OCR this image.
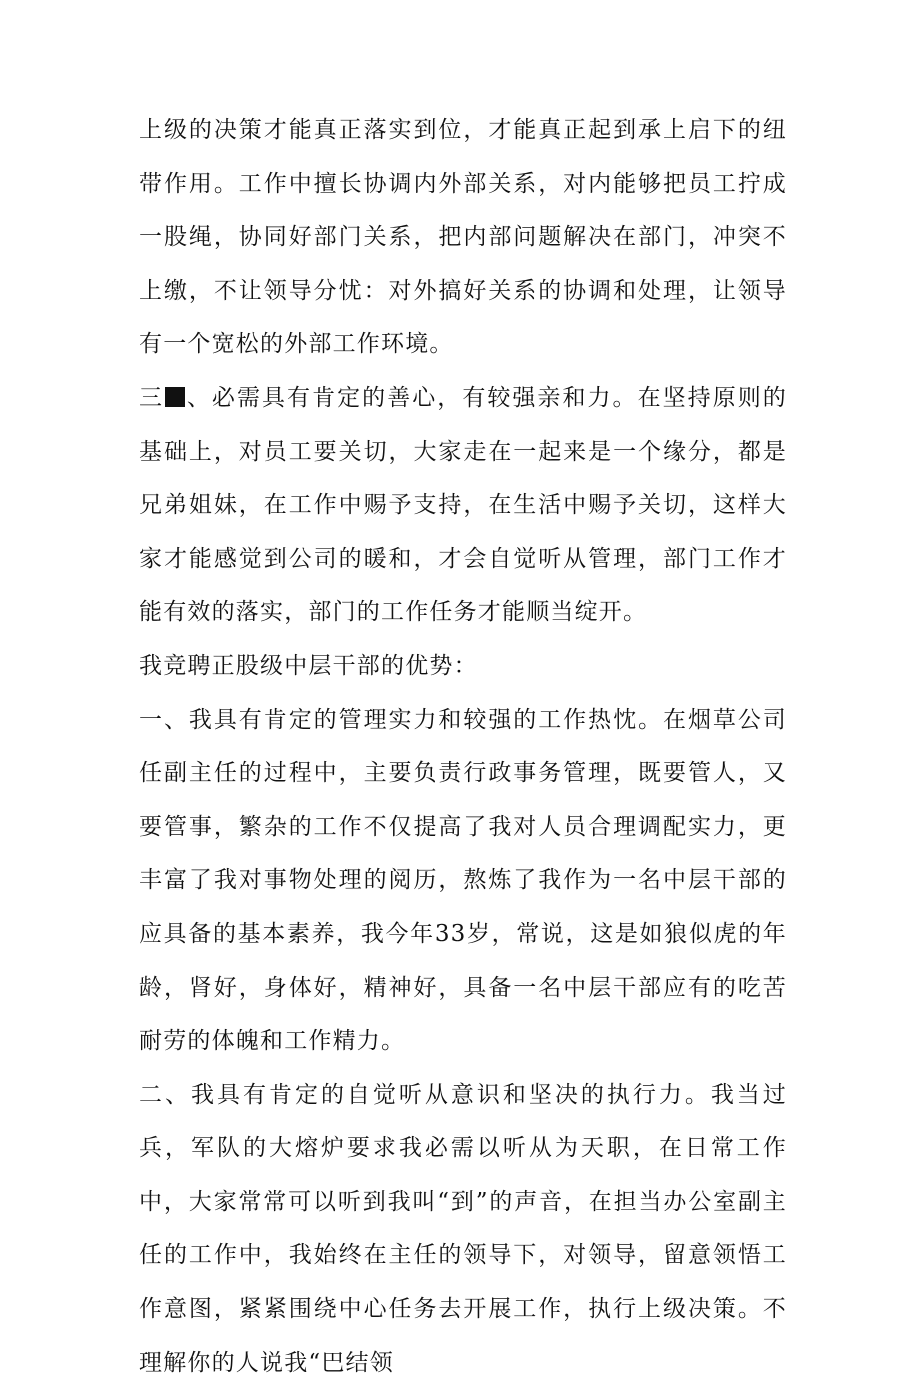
上级的决策才能真正落实到位，才能真正起到承上启下的纽带作用。工作中擅长协调内外部关系，对内能够把员工拧成一股绳，协同好部门关系，把内部问题解决在部门，冲突不上缴，不让领导分忧：对外搞好关系的协调和处理，让领导有一个宽松的外部工作环境。

三 、必需具有肯定的善心，有较强亲和力。在坚持原则的基础上，对员工要关切，大家走在一起来是一个缘分，都是兄弟姐妹，在工作中赐予支持，在生活中赐予关切，这样大家才能感觉到公司的暖和，才会自觉听从管理，部门工作才能有效的落实，部门的工作任务才能顺当绽开。

我竞聘正股级中层干部的优势：

一、我具有肯定的管理实力和较强的工作热忱。在烟草公司任副主任的过程中，主要负责行政事务管理，既要管人，又要管事，繁杂的工作不仅提高了我对人员合理调配实力，更丰富了我对事物处理的阅历，熬炼了我作为一名中层干部的应具备的基本素养，我今年33岁，常说，这是如狼似虎的年龄，肾好，身体好，精神好，具备一名中层干部应有的吃苦耐劳的体魄和工作精力。

二、我具有肯定的自觉听从意识和坚决的执行力。我当过兵，军队的大熔炉要求我必需以听从为天职，在日常工作中，大家常常可以听到我叫“到”的声音，在担当办公室副主任的工作中，我始终在主任的领导下，对领导，留意领悟工作意图，紧紧围绕中心任务去开展工作，执行上级决策。不理解你的人说我“巴结领
